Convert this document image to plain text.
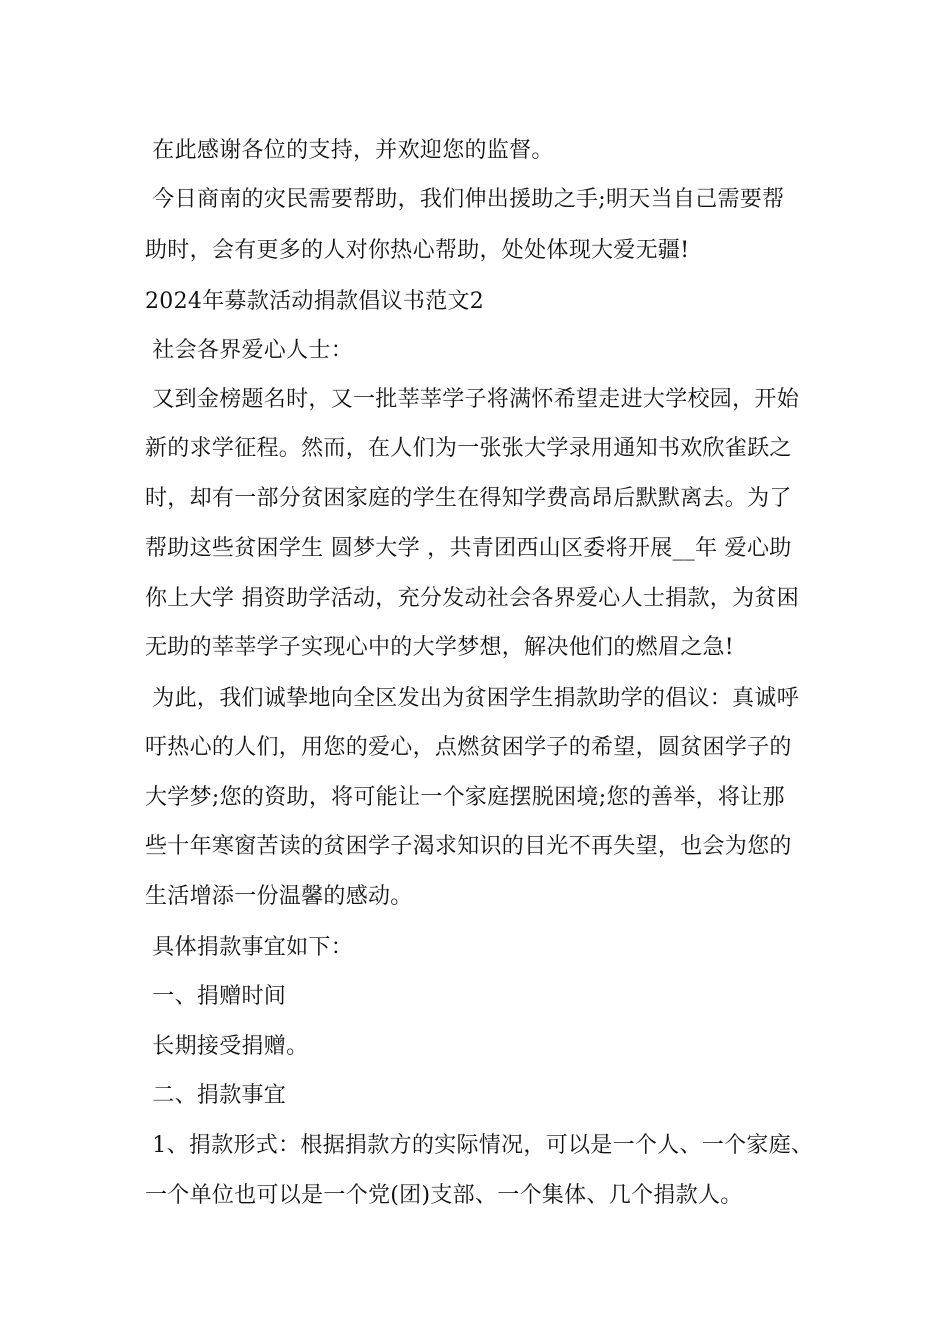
在此感谢各位的支持，并欢迎您的监督。
今日商南的灾民需要帮助，我们伸出援助之手;明天当自己需要帮
助时，会有更多的人对你热心帮助，处处体现大爱无疆!
2024年募款活动捐款倡议书范文2
社会各界爱心人士：
又到金榜题名时，又一批莘莘学子将满怀希望走进大学校园，开始
新的求学征程。然而，在人们为一张张大学录用通知书欢欣雀跃之
时，却有一部分贫困家庭的学生在得知学费高昂后默默离去。为了
帮助这些贫困学生 圆梦大学 ，共青团西山区委将开展__年 爱心助
你上大学 捐资助学活动，充分发动社会各界爱心人士捐款，为贫困
无助的莘莘学子实现心中的大学梦想，解决他们的燃眉之急!
为此，我们诚挚地向全区发出为贫困学生捐款助学的倡议：真诚呼
吁热心的人们，用您的爱心，点燃贫困学子的希望，圆贫困学子的
大学梦;您的资助，将可能让一个家庭摆脱困境;您的善举，将让那
些十年寒窗苦读的贫困学子渴求知识的目光不再失望，也会为您的
生活增添一份温馨的感动。
具体捐款事宜如下：
一、捐赠时间
长期接受捐赠。
二、捐款事宜
1、捐款形式：根据捐款方的实际情况，可以是一个人、一个家庭、
一个单位也可以是一个党(团)支部、一个集体、几个捐款人。
